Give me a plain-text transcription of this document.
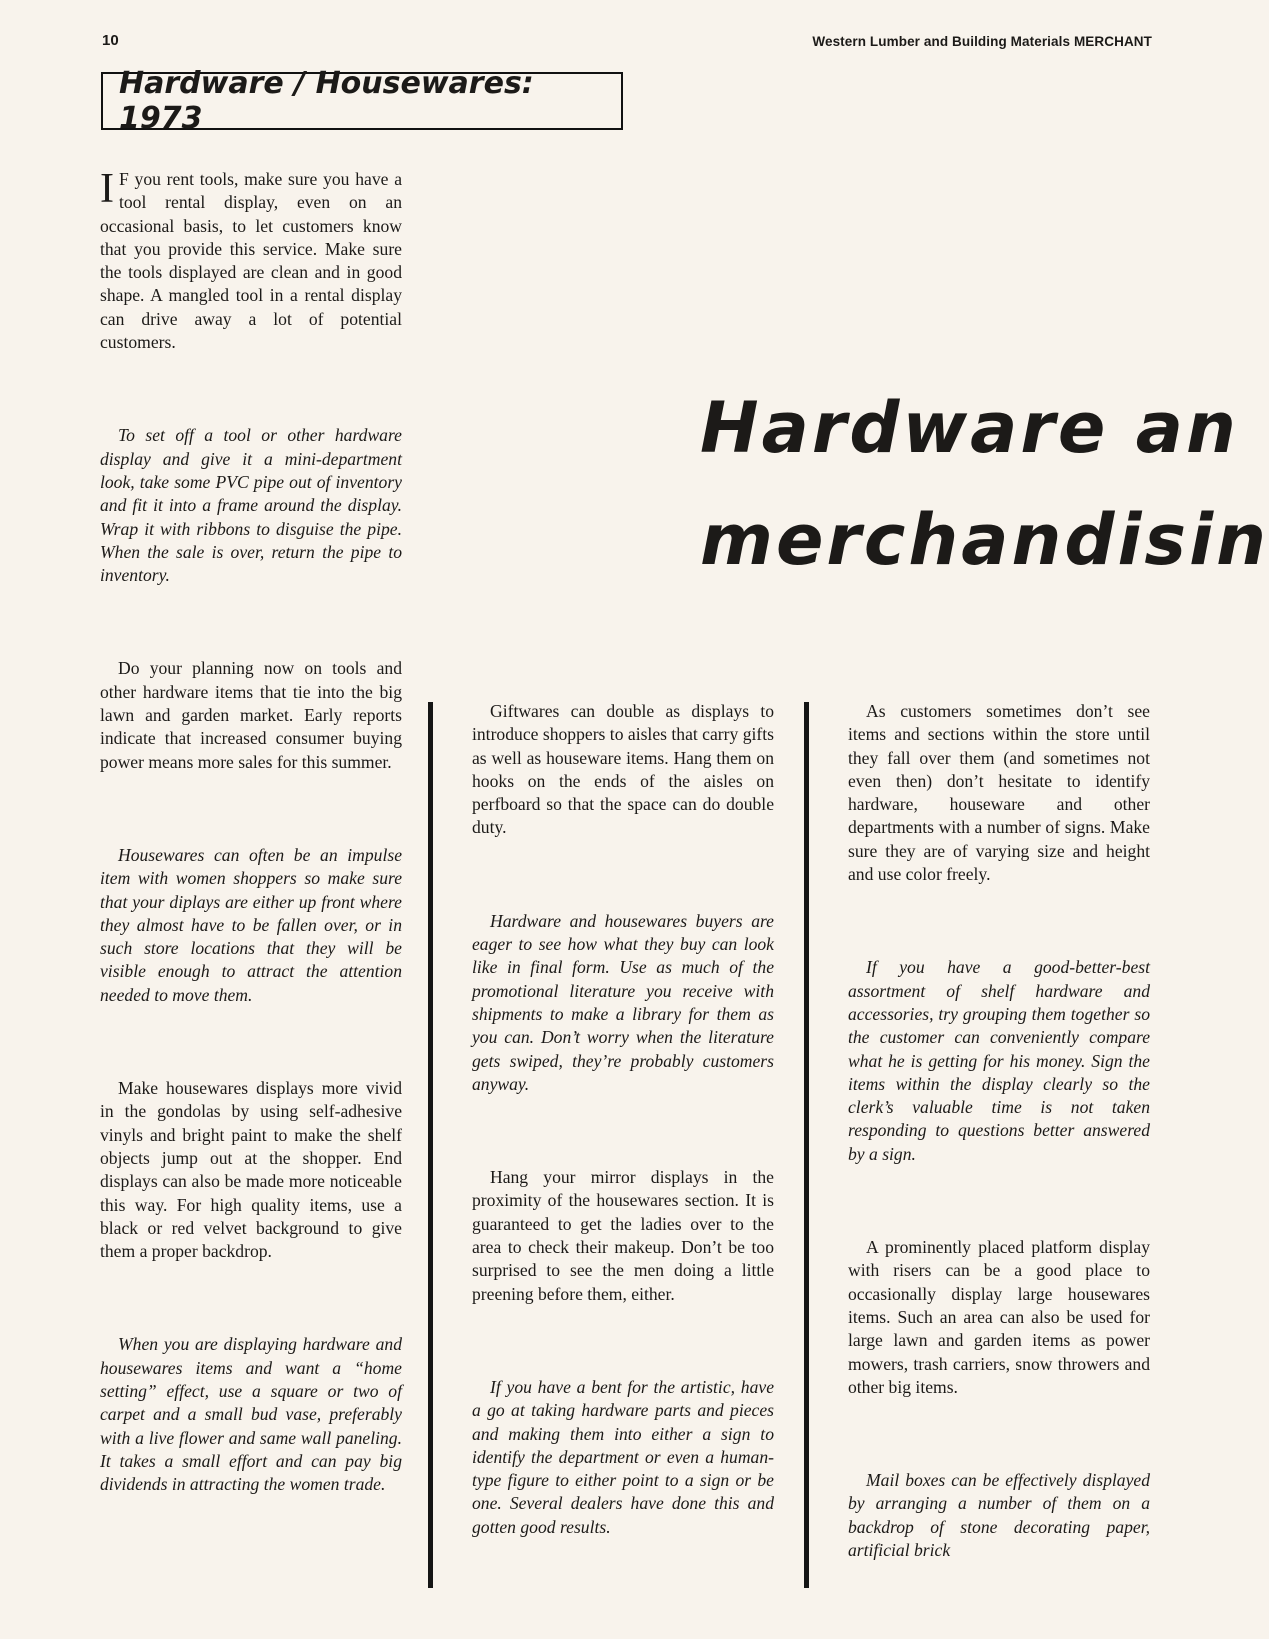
10	Western Lumber and Building Materials MERCHANT
Hardware / Housewares: 1973
Hardware an
merchandisin

IF you rent tools, make sure you have a tool rental display, even on an occasional basis, to let customers know that you provide this service. Make sure the tools displayed are clean and in good shape. A mangled tool in a rental display can drive away a lot of potential customers.

To set off a tool or other hardware display and give it a mini-department look, take some PVC pipe out of inventory and fit it into a frame around the display. Wrap it with ribbons to disguise the pipe. When the sale is over, return the pipe to inventory.

Do your planning now on tools and other hardware items that tie into the big lawn and garden market. Early reports indicate that increased consumer buying power means more sales for this summer.

Housewares can often be an impulse item with women shoppers so make sure that your diplays are either up front where they almost have to be fallen over, or in such store locations that they will be visible enough to attract the attention needed to move them.

Make housewares displays more vivid in the gondolas by using self-adhesive vinyls and bright paint to make the shelf objects jump out at the shopper. End displays can also be made more noticeable this way. For high quality items, use a black or red velvet background to give them a proper backdrop.

When you are displaying hardware and housewares items and want a “home setting” effect, use a square or two of carpet and a small bud vase, preferably with a live flower and same wall paneling. It takes a small effort and can pay big dividends in attracting the women trade.

Giftwares can double as displays to introduce shoppers to aisles that carry gifts as well as houseware items. Hang them on hooks on the ends of the aisles on perfboard so that the space can do double duty.

Hardware and housewares buyers are eager to see how what they buy can look like in final form. Use as much of the promotional literature you receive with shipments to make a library for them as you can. Don’t worry when the literature gets swiped, they’re probably customers anyway.

Hang your mirror displays in the proximity of the housewares section. It is guaranteed to get the ladies over to the area to check their makeup. Don’t be too surprised to see the men doing a little preening before them, either.

If you have a bent for the artistic, have a go at taking hardware parts and pieces and making them into either a sign to identify the department or even a human-type figure to either point to a sign or be one. Several dealers have done this and gotten good results.

As customers sometimes don’t see items and sections within the store until they fall over them (and sometimes not even then) don’t hesitate to identify hardware, houseware and other departments with a number of signs. Make sure they are of varying size and height and use color freely.

If you have a good-better-best assortment of shelf hardware and accessories, try grouping them together so the customer can conveniently compare what he is getting for his money. Sign the items within the display clearly so the clerk’s valuable time is not taken responding to questions better answered by a sign.

A prominently placed platform display with risers can be a good place to occasionally display large housewares items. Such an area can also be used for large lawn and garden items as power mowers, trash carriers, snow throwers and other big items.

Mail boxes can be effectively displayed by arranging a number of them on a backdrop of stone decorating paper, artificial brick
